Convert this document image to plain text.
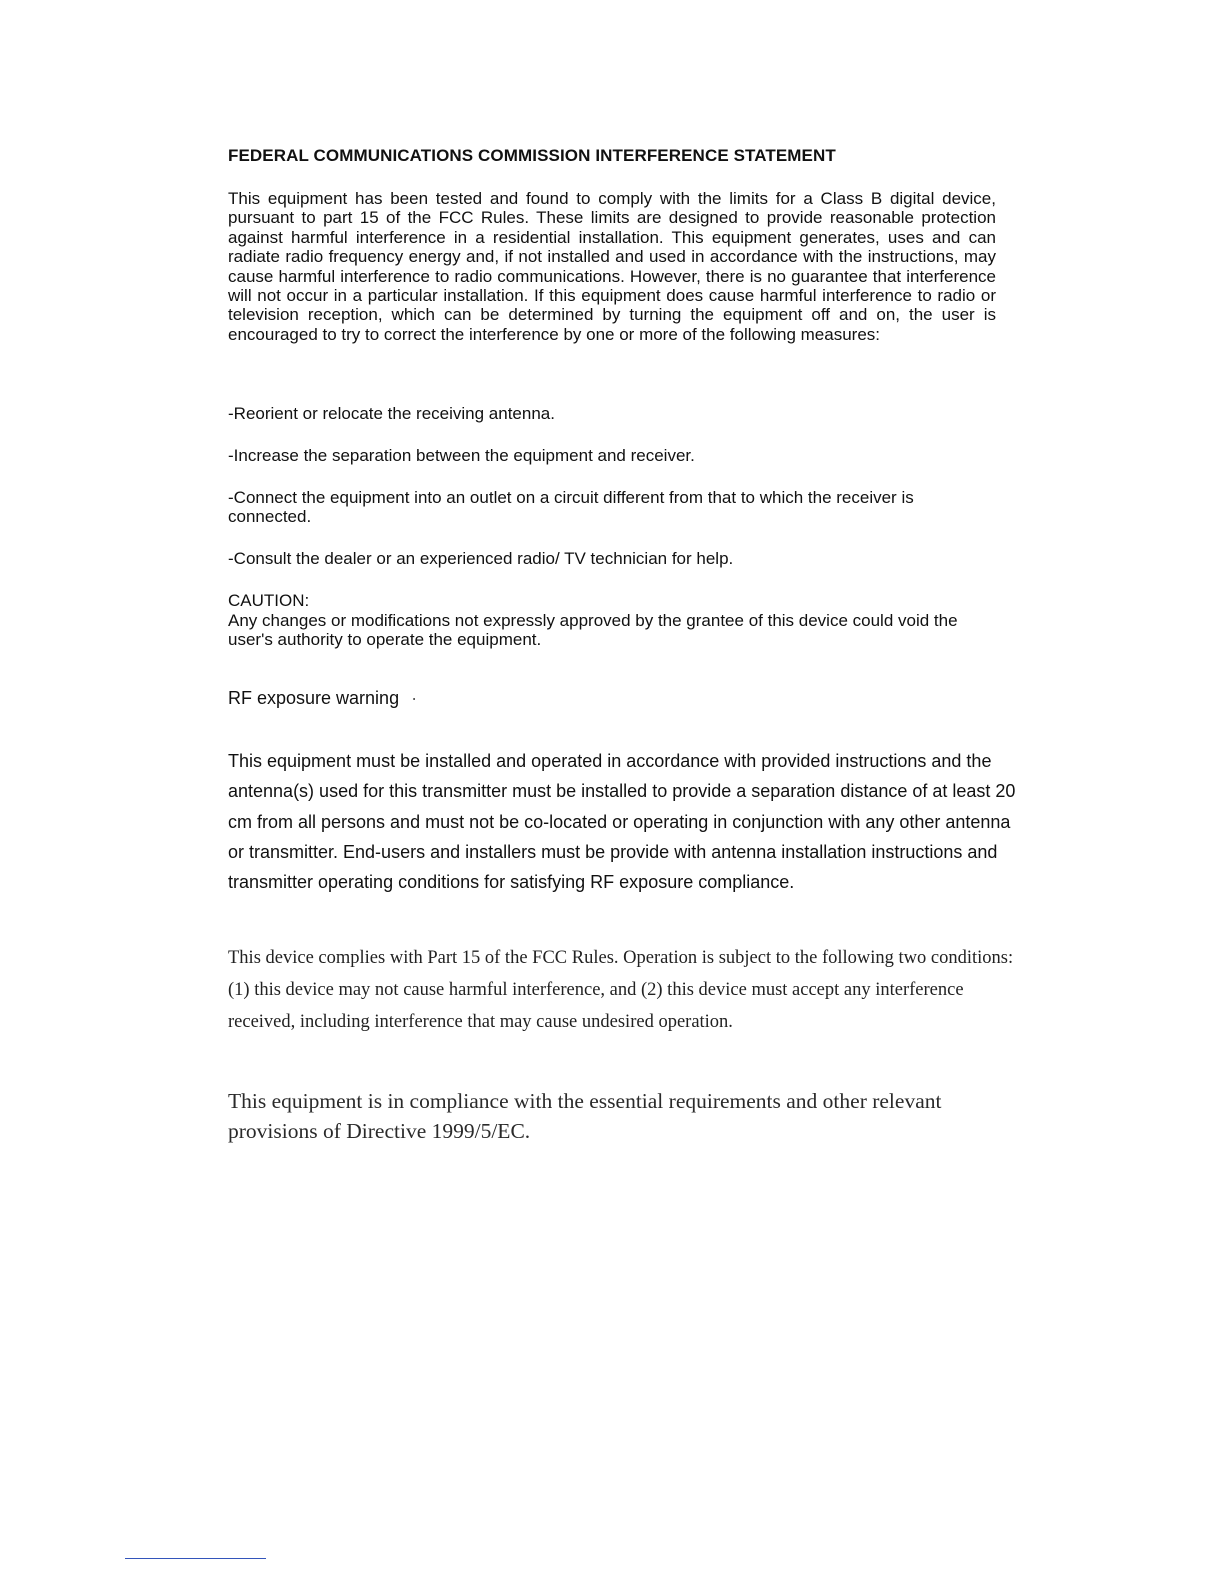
FEDERAL COMMUNICATIONS COMMISSION INTERFERENCE STATEMENT
This equipment has been tested and found to comply with the limits for a Class B digital device, pursuant to part 15 of the FCC Rules. These limits are designed to provide reasonable protection against harmful interference in a residential installation. This equipment generates, uses and can radiate radio frequency energy and, if not installed and used in accordance with the instructions, may cause harmful interference to radio communications. However, there is no guarantee that interference will not occur in a particular installation. If this equipment does cause harmful interference to radio or television reception, which can be determined by turning the equipment off and on, the user is encouraged to try to correct the interference by one or more of the following measures:
-Reorient or relocate the receiving antenna.
-Increase the separation between the equipment and receiver.
-Connect the equipment into an outlet on a circuit different from that to which the receiver is connected.
-Consult the dealer or an experienced radio/ TV technician for help.
CAUTION:
Any changes or modifications not expressly approved by the grantee of this device could void the user's authority to operate the equipment.
RF exposure warning ·
This equipment must be installed and operated in accordance with provided instructions and the antenna(s) used for this transmitter must be installed to provide a separation distance of at least 20 cm from all persons and must not be co-located or operating in conjunction with any other antenna or transmitter. End-users and installers must be provide with antenna installation instructions and transmitter operating conditions for satisfying RF exposure compliance.
This device complies with Part 15 of the FCC Rules. Operation is subject to the following two conditions: (1) this device may not cause harmful interference, and (2) this device must accept any interference received, including interference that may cause undesired operation.
This equipment is in compliance with the essential requirements and other relevant provisions of Directive 1999/5/EC.
